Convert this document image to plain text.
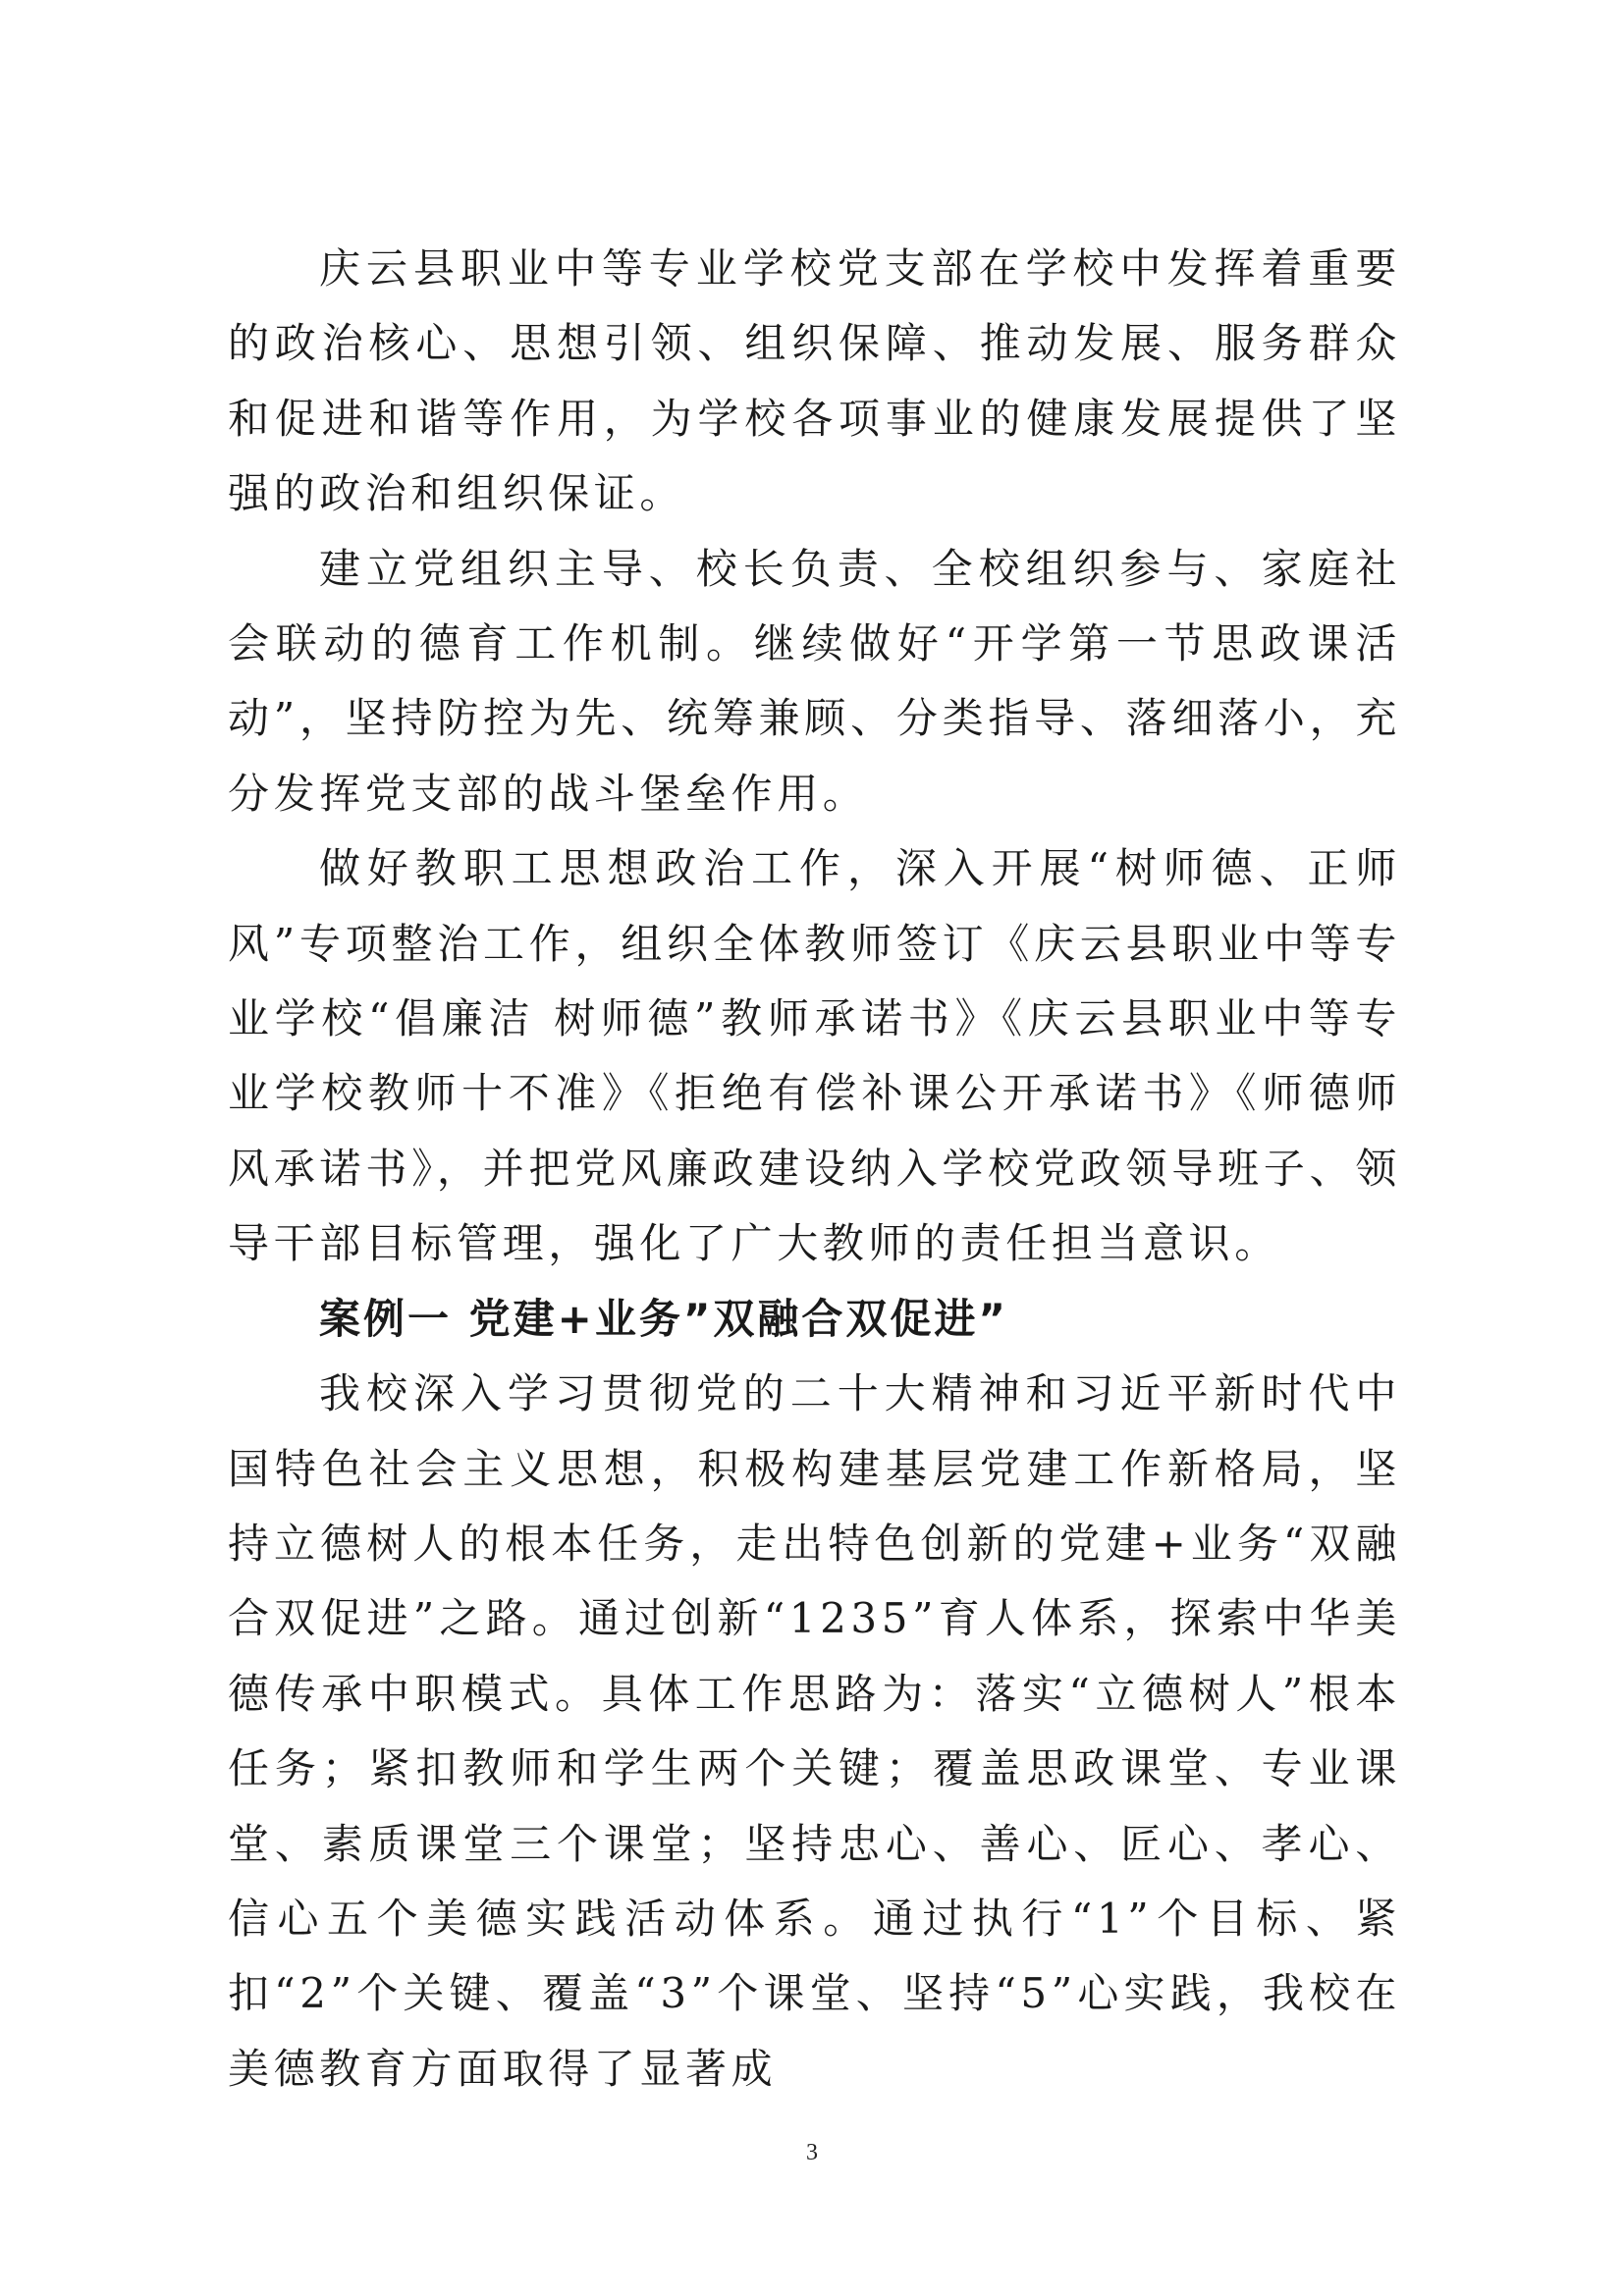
庆云县职业中等专业学校党支部在学校中发挥着重要的政治核心、思想引领、组织保障、推动发展、服务群众和促进和谐等作用，为学校各项事业的健康发展提供了坚强的政治和组织保证。

建立党组织主导、校长负责、全校组织参与、家庭社会联动的德育工作机制。继续做好“开学第一节思政课活动”，坚持防控为先、统筹兼顾、分类指导、落细落小，充分发挥党支部的战斗堡垒作用。

做好教职工思想政治工作，深入开展“树师德、正师风”专项整治工作，组织全体教师签订《庆云县职业中等专业学校“倡廉洁 树师德”教师承诺书》《庆云县职业中等专业学校教师十不准》《拒绝有偿补课公开承诺书》《师德师风承诺书》，并把党风廉政建设纳入学校党政领导班子、领导干部目标管理，强化了广大教师的责任担当意识。

案例一 党建+业务”双融合双促进”

我校深入学习贯彻党的二十大精神和习近平新时代中国特色社会主义思想，积极构建基层党建工作新格局，坚持立德树人的根本任务，走出特色创新的党建+业务“双融合双促进”之路。通过创新“1235”育人体系，探索中华美德传承中职模式。具体工作思路为：落实“立德树人”根本任务；紧扣教师和学生两个关键；覆盖思政课堂、专业课堂、素质课堂三个课堂；坚持忠心、善心、匠心、孝心、信心五个美德实践活动体系。通过执行“1”个目标、紧扣“2”个关键、覆盖“3”个课堂、坚持“5”心实践，我校在美德教育方面取得了显著成

3
